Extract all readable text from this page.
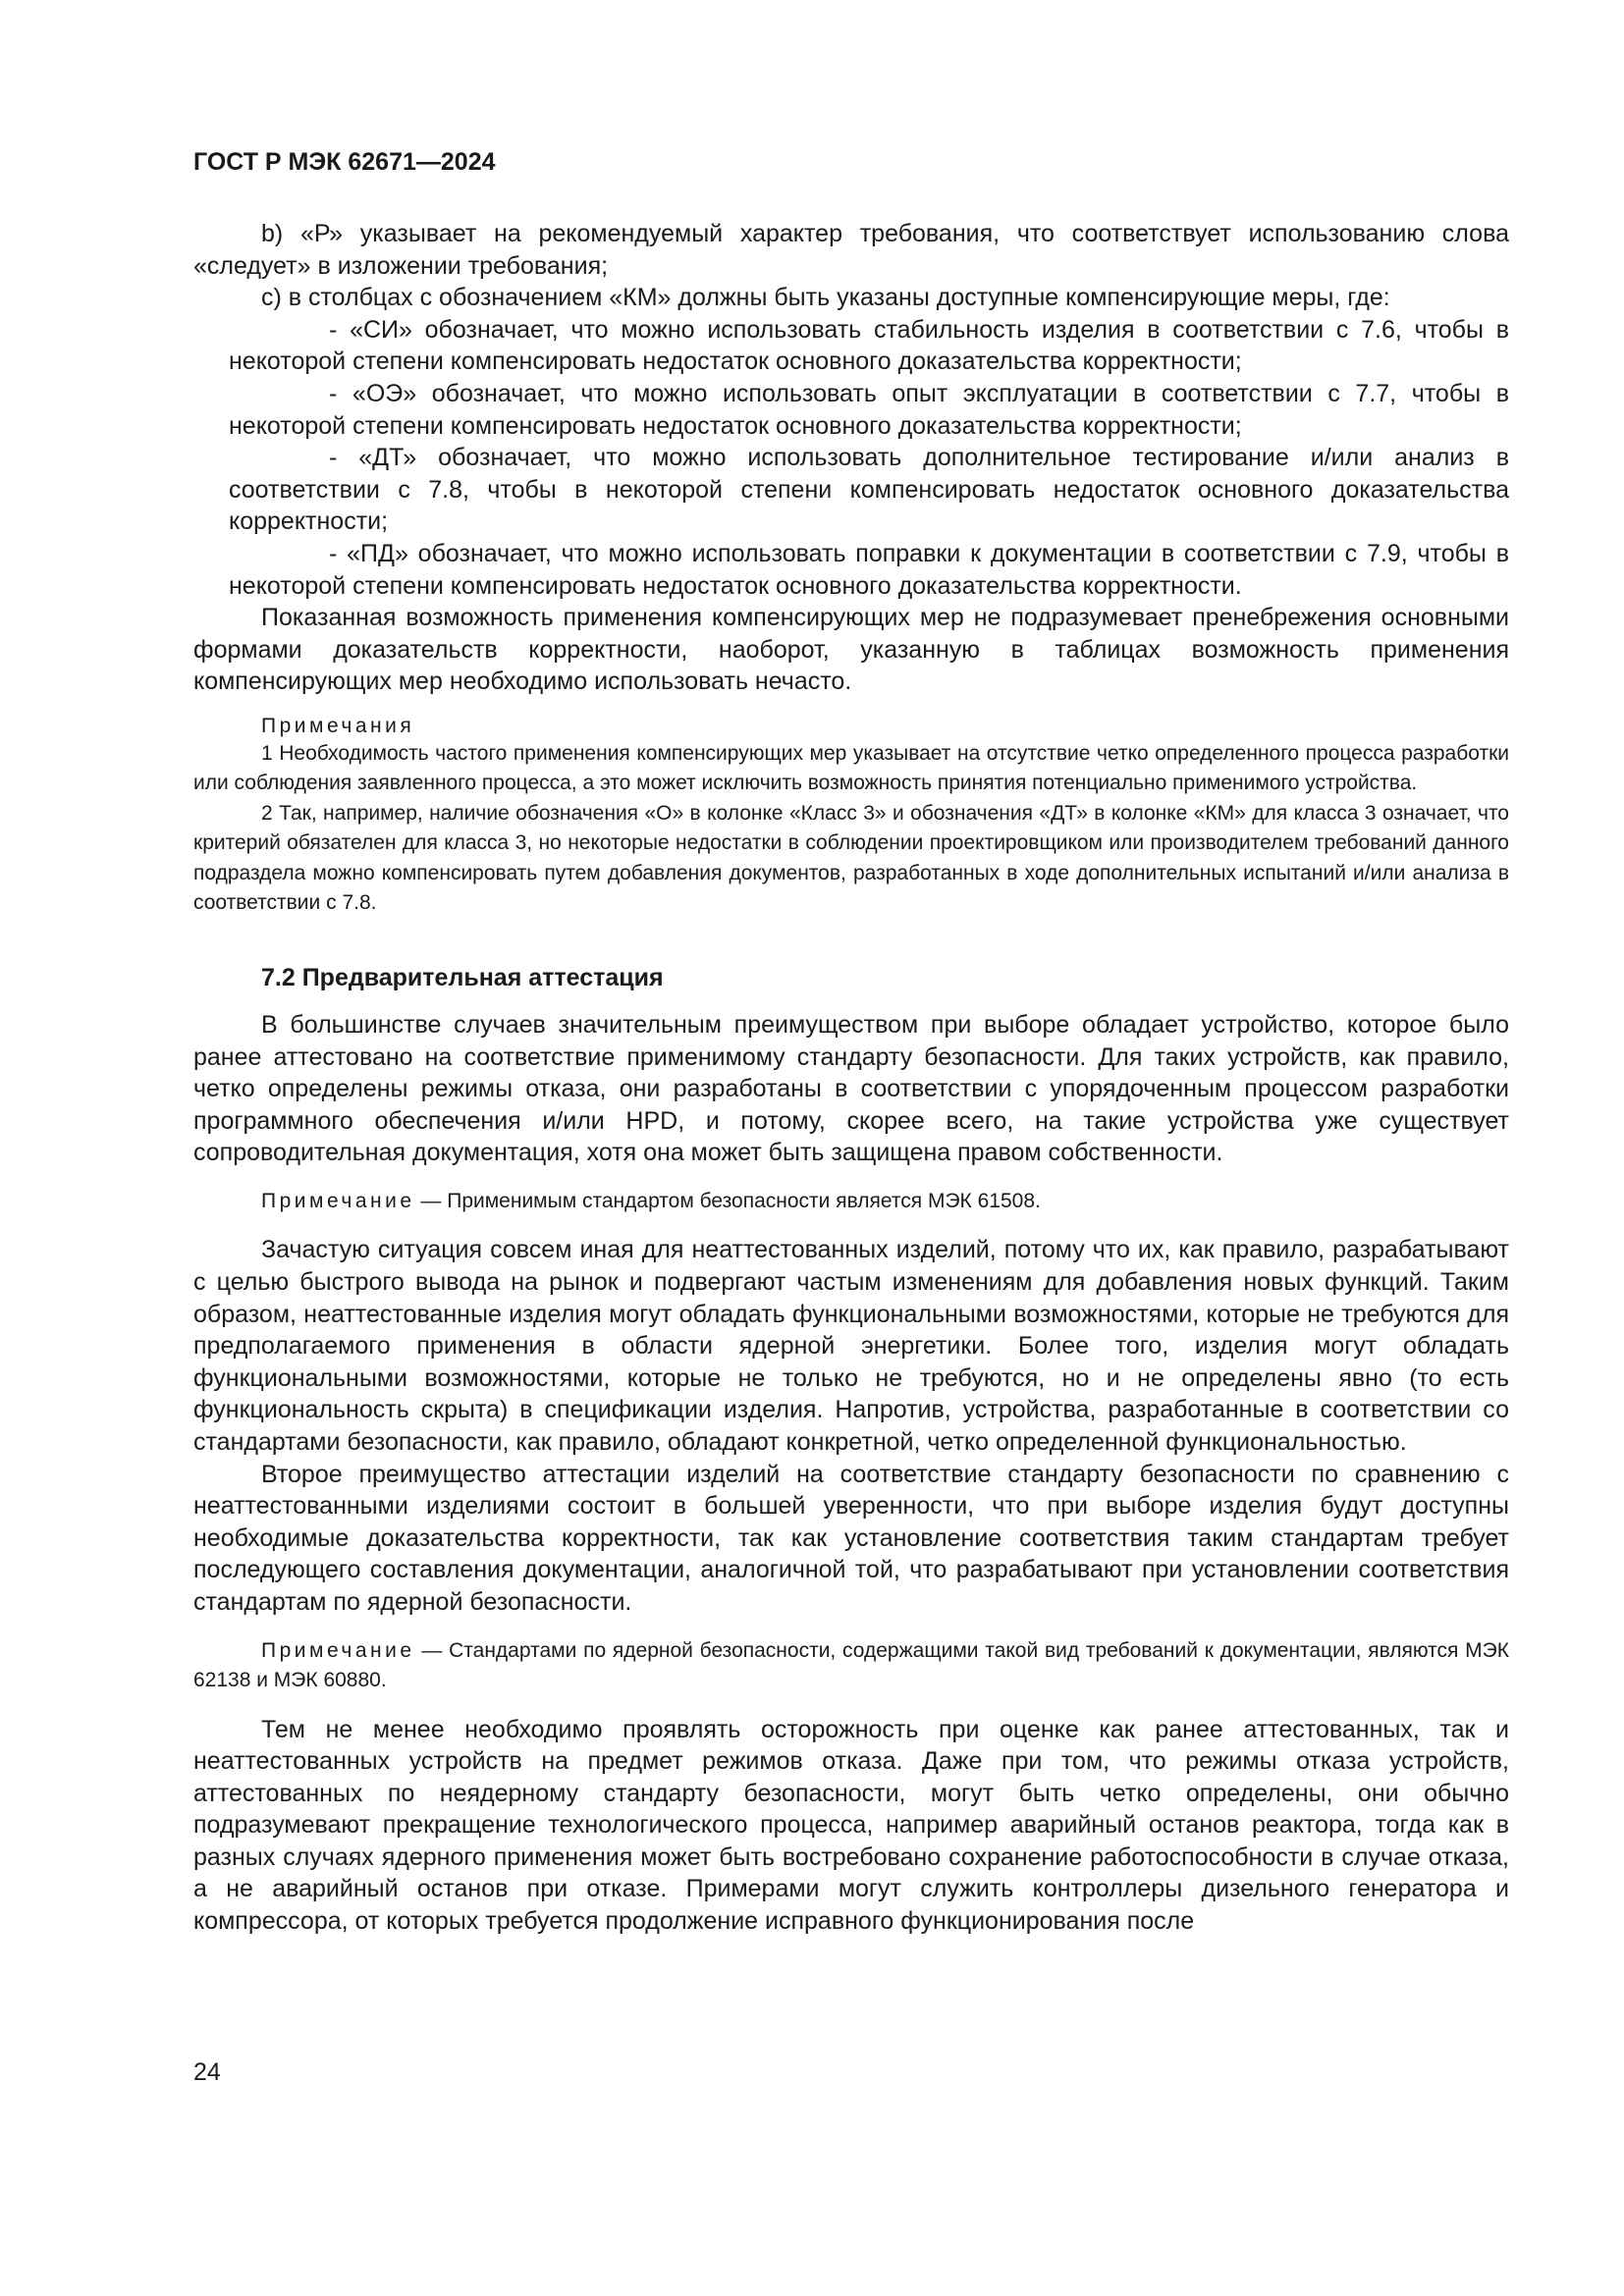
ГОСТ Р МЭК 62671—2024

b) «Р» указывает на рекомендуемый характер требования, что соответствует использованию слова «следует» в изложении требования;

c) в столбцах с обозначением «КМ» должны быть указаны доступные компенсирующие меры, где:

- «СИ» обозначает, что можно использовать стабильность изделия в соответствии с 7.6, чтобы в некоторой степени компенсировать недостаток основного доказательства корректности;

- «ОЭ» обозначает, что можно использовать опыт эксплуатации в соответствии с 7.7, чтобы в некоторой степени компенсировать недостаток основного доказательства корректности;

- «ДТ» обозначает, что можно использовать дополнительное тестирование и/или анализ в соответствии с 7.8, чтобы в некоторой степени компенсировать недостаток основного доказательства корректности;

- «ПД» обозначает, что можно использовать поправки к документации в соответствии с 7.9, чтобы в некоторой степени компенсировать недостаток основного доказательства корректности.

Показанная возможность применения компенсирующих мер не подразумевает пренебрежения основными формами доказательств корректности, наоборот, указанную в таблицах возможность применения компенсирующих мер необходимо использовать нечасто.

Примечания

1 Необходимость частого применения компенсирующих мер указывает на отсутствие четко определенного процесса разработки или соблюдения заявленного процесса, а это может исключить возможность принятия потенциально применимого устройства.

2 Так, например, наличие обозначения «О» в колонке «Класс 3» и обозначения «ДТ» в колонке «КМ» для класса 3 означает, что критерий обязателен для класса 3, но некоторые недостатки в соблюдении проектировщиком или производителем требований данного подраздела можно компенсировать путем добавления документов, разработанных в ходе дополнительных испытаний и/или анализа в соответствии с 7.8.

7.2 Предварительная аттестация

В большинстве случаев значительным преимуществом при выборе обладает устройство, которое было ранее аттестовано на соответствие применимому стандарту безопасности. Для таких устройств, как правило, четко определены режимы отказа, они разработаны в соответствии с упорядоченным процессом разработки программного обеспечения и/или HPD, и потому, скорее всего, на такие устройства уже существует сопроводительная документация, хотя она может быть защищена правом собственности.

Примечание — Применимым стандартом безопасности является МЭК 61508.

Зачастую ситуация совсем иная для неаттестованных изделий, потому что их, как правило, разрабатывают с целью быстрого вывода на рынок и подвергают частым изменениям для добавления новых функций. Таким образом, неаттестованные изделия могут обладать функциональными возможностями, которые не требуются для предполагаемого применения в области ядерной энергетики. Более того, изделия могут обладать функциональными возможностями, которые не только не требуются, но и не определены явно (то есть функциональность скрыта) в спецификации изделия. Напротив, устройства, разработанные в соответствии со стандартами безопасности, как правило, обладают конкретной, четко определенной функциональностью.

Второе преимущество аттестации изделий на соответствие стандарту безопасности по сравнению с неаттестованными изделиями состоит в большей уверенности, что при выборе изделия будут доступны необходимые доказательства корректности, так как установление соответствия таким стандартам требует последующего составления документации, аналогичной той, что разрабатывают при установлении соответствия стандартам по ядерной безопасности.

Примечание — Стандартами по ядерной безопасности, содержащими такой вид требований к документации, являются МЭК 62138 и МЭК 60880.

Тем не менее необходимо проявлять осторожность при оценке как ранее аттестованных, так и неаттестованных устройств на предмет режимов отказа. Даже при том, что режимы отказа устройств, аттестованных по неядерному стандарту безопасности, могут быть четко определены, они обычно подразумевают прекращение технологического процесса, например аварийный останов реактора, тогда как в разных случаях ядерного применения может быть востребовано сохранение работоспособности в случае отказа, а не аварийный останов при отказе. Примерами могут служить контроллеры дизельного генератора и компрессора, от которых требуется продолжение исправного функционирования после

24
